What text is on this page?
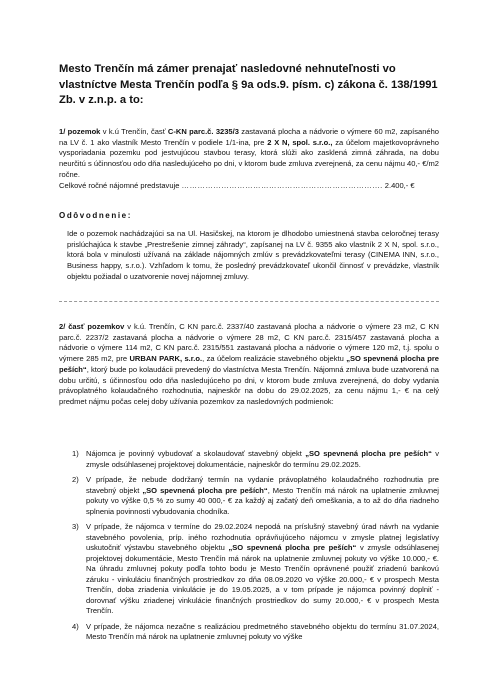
Mesto Trenčín má zámer prenajať nasledovné nehnuteľnosti vo vlastníctve Mesta Trenčín podľa § 9a ods.9. písm. c) zákona č. 138/1991 Zb. v z.n.p. a to:
1/ pozemok v k.ú Trenčín, časť C-KN parc.č. 3235/3 zastavaná plocha a nádvorie o výmere 60 m2, zapísaného na LV č. 1 ako vlastník Mesto Trenčín v podiele 1/1-ina, pre 2 X N, spol. s.r.o., za účelom majetkovoprávneho vysporiadania pozemku pod jestvujúcou stavbou terasy, ktorá slúži ako zasklená zimná záhrada, na dobu neurčitú s účinnosťou odo dňa nasledujúceho po dni, v ktorom bude zmluva zverejnená, za cenu nájmu 40,- €/m2 ročne.
Celkové ročné nájomné predstavuje …………………………………………………………………. 2.400,- €
Odôvodnenie:
Ide o pozemok nachádzajúci sa na Ul. Hasičskej, na ktorom je dlhodobo umiestnená stavba celoročnej terasy prislúchajúca k stavbe „Prestrešenie zimnej záhrady“, zapísanej na LV č. 9355 ako vlastník 2 X N, spol. s.r.o., ktorá bola v minulosti užívaná na základe nájomných zmlúv s prevádzkovateľmi terasy (CINEMA INN, s.r.o., Business happy, s.r.o.). Vzhľadom k tomu, že posledný prevádzkovateľ ukončil činnosť v prevádzke, vlastník objektu požiadal o uzatvorenie novej nájomnej zmluvy.
2/ časť pozemkov v k.ú. Trenčín, C KN parc.č. 2337/40 zastavaná plocha a nádvorie o výmere 23 m2, C KN parc.č. 2237/2 zastavaná plocha a nádvorie o výmere 28 m2, C KN parc.č. 2315/457 zastavaná plocha a nádvorie o výmere 114 m2, C KN parc.č. 2315/551 zastavaná plocha a nádvorie o výmere 120 m2, t.j. spolu o výmere 285 m2, pre URBAN PARK, s.r.o., za účelom realizácie stavebného objektu „SO spevnená plocha pre peších“, ktorý bude po kolaudácii prevedený do vlastníctva Mesta Trenčín. Nájomná zmluva bude uzatvorená na dobu určitú, s účinnosťou odo dňa nasledujúceho po dni, v ktorom bude zmluva zverejnená, do doby vydania právoplatného kolaudačného rozhodnutia, najneskôr na dobu do 29.02.2025, za cenu nájmu 1,- € na celý predmet nájmu počas celej doby užívania pozemkov za nasledovných podmienok:
1) Nájomca je povinný vybudovať a skolaudovať stavebný objekt „SO spevnená plocha pre peších“ v zmysle odsúhlasenej projektovej dokumentácie, najneskôr do termínu 29.02.2025.
2) V prípade, že nebude dodržaný termín na vydanie právoplatného kolaudačného rozhodnutia pre stavebný objekt „SO spevnená plocha pre peších“, Mesto Trenčín má nárok na uplatnenie zmluvnej pokuty vo výške 0,5 % zo sumy 40 000,- € za každý aj začatý deň omeškania, a to až do dňa riadneho splnenia povinnosti vybudovania chodníka.
3) V prípade, že nájomca v termíne do 29.02.2024 nepodá na príslušný stavebný úrad návrh na vydanie stavebného povolenia, príp. iného rozhodnutia oprávňujúceho nájomcu v zmysle platnej legislatívy uskutočniť výstavbu stavebného objektu „SO spevnená plocha pre peších“ v zmysle odsúhlasenej projektovej dokumentácie, Mesto Trenčín má nárok na uplatnenie zmluvnej pokuty vo výške 10.000,- €. Na úhradu zmluvnej pokuty podľa tohto bodu je Mesto Trenčín oprávnené použiť zriadenú bankovú záruku - vinkuláciu finančných prostriedkov zo dňa 08.09.2020 vo výške 20.000,- € v prospech Mesta Trenčín, doba zriadenia vinkulácie je do 19.05.2025, a v tom prípade je nájomca povinný doplniť - dorovnať výšku zriadenej vinkulácie finančných prostriedkov do sumy 20.000,- € v prospech Mesta Trenčín.
4) V prípade, že nájomca nezačne s realizáciou predmetného stavebného objektu do termínu 31.07.2024, Mesto Trenčín má nárok na uplatnenie zmluvnej pokuty vo výške
